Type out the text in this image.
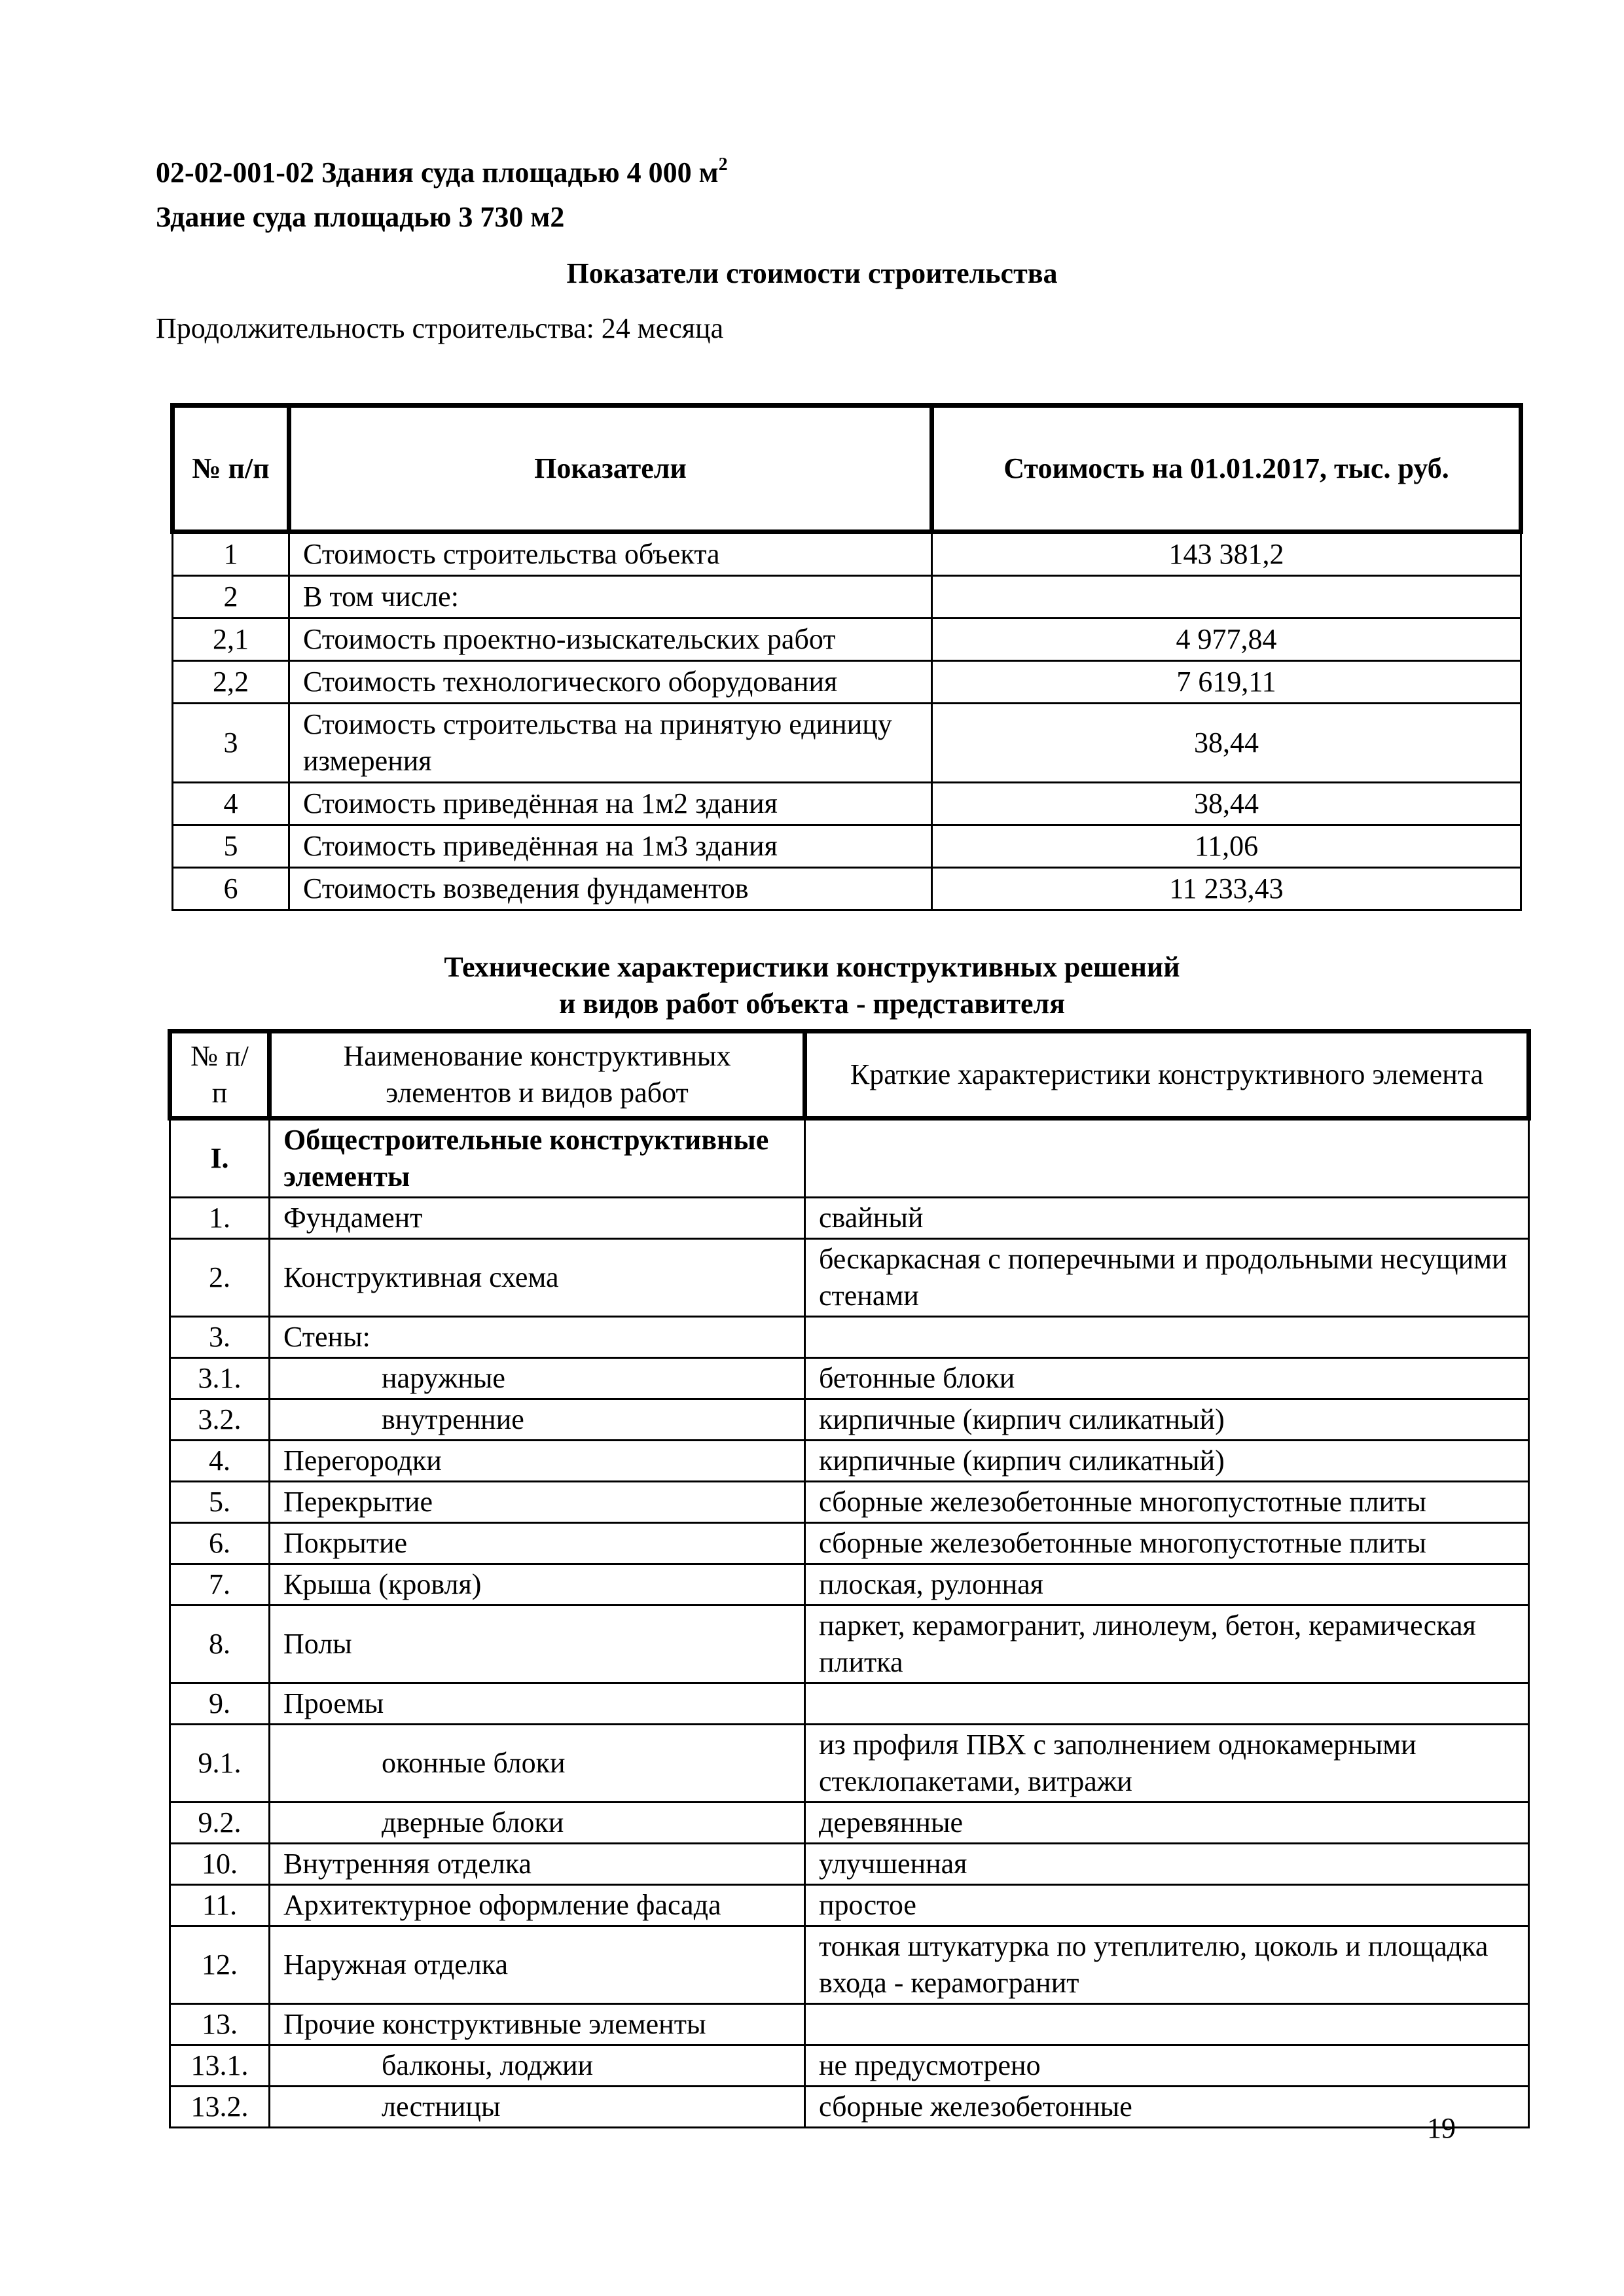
02-02-001-02 Здания суда площадью 4 000 $м^2$
Здание суда площадью 3 730 м2
Показатели стоимости строительства
Продолжительность строительства: 24 месяца
№ п/п	Показатели	Стоимость на 01.01.2017, тыс. руб.
1	Стоимость строительства объекта	143 381,2
2	В том числе:	
2,1	Стоимость проектно-изыскательских работ	4 977,84
2,2	Стоимость технологического оборудования	7 619,11
3	Стоимость строительства на принятую единицу измерения	38,44
4	Стоимость приведённая на 1м2 здания	38,44
5	Стоимость приведённая на 1м3 здания	11,06
6	Стоимость возведения фундаментов	11 233,43
Технические характеристики конструктивных решений
и видов работ объекта - представителя
№ п/п	Наименование конструктивных элементов и видов работ	Краткие характеристики конструктивного элемента
I.	Общестроительные конструктивные элементы	
1.	Фундамент	свайный
2.	Конструктивная схема	бескаркасная с поперечными и продольными несущими стенами
3.	Стены:	
3.1.	наружные	бетонные блоки
3.2.	внутренние	кирпичные (кирпич силикатный)
4.	Перегородки	кирпичные (кирпич силикатный)
5.	Перекрытие	сборные железобетонные многопустотные плиты
6.	Покрытие	сборные железобетонные многопустотные плиты
7.	Крыша (кровля)	плоская, рулонная
8.	Полы	паркет, керамогранит, линолеум, бетон, керамическая плитка
9.	Проемы	
9.1.	оконные блоки	из профиля ПВХ с заполнением однокамерными стеклопакетами, витражи
9.2.	дверные блоки	деревянные
10.	Внутренняя отделка	улучшенная
11.	Архитектурное оформление фасада	простое
12.	Наружная отделка	тонкая штукатурка по утеплителю, цоколь и площадка входа - керамогранит
13.	Прочие конструктивные элементы	
13.1.	балконы, лоджии	не предусмотрено
13.2.	лестницы	сборные железобетонные
19
